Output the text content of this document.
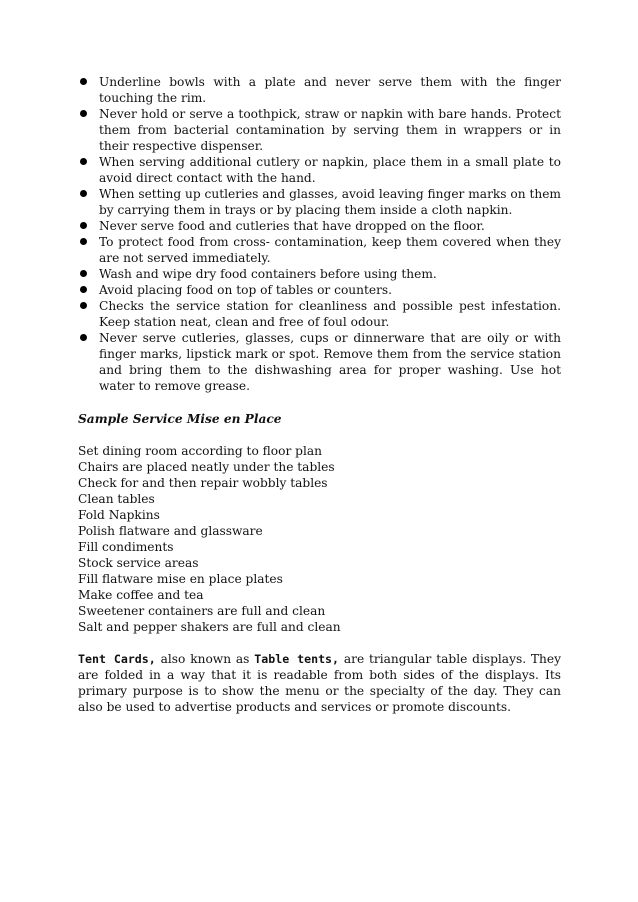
Underline bowls with a plate and never serve them with the finger touching the rim.
Never hold or serve a toothpick, straw or napkin with bare hands. Protect them from bacterial contamination by serving them in wrappers or in their respective dispenser.
When serving additional cutlery or napkin, place them in a small plate to avoid direct contact with the hand.
When setting up cutleries and glasses, avoid leaving finger marks on them by carrying them in trays or by placing them inside a cloth napkin.
Never serve food and cutleries that have dropped on the floor.
To protect food from cross- contamination, keep them covered when they are not served immediately.
Wash and wipe dry food containers before using them.
Avoid placing food on top of tables or counters.
Checks the service station for cleanliness and possible pest infestation. Keep station neat, clean and free of foul odour.
Never serve cutleries, glasses, cups or dinnerware that are oily or with finger marks, lipstick mark or spot. Remove them from the service station and bring them to the dishwashing area for proper washing. Use hot water to remove grease.
Sample Service Mise en Place
Set dining room according to floor plan
Chairs are placed neatly under the tables
Check for and then repair wobbly tables
Clean tables
Fold Napkins
Polish flatware and glassware
Fill condiments
Stock service areas
Fill flatware mise en place plates
Make coffee and tea
Sweetener containers are full and clean
Salt and pepper shakers are full and clean

Tent Cards, also known as Table tents, are triangular table displays. They are folded in a way that it is readable from both sides of the displays. Its primary purpose is to show the menu or the specialty of the day. They can also be used to advertise products and services or promote discounts.
